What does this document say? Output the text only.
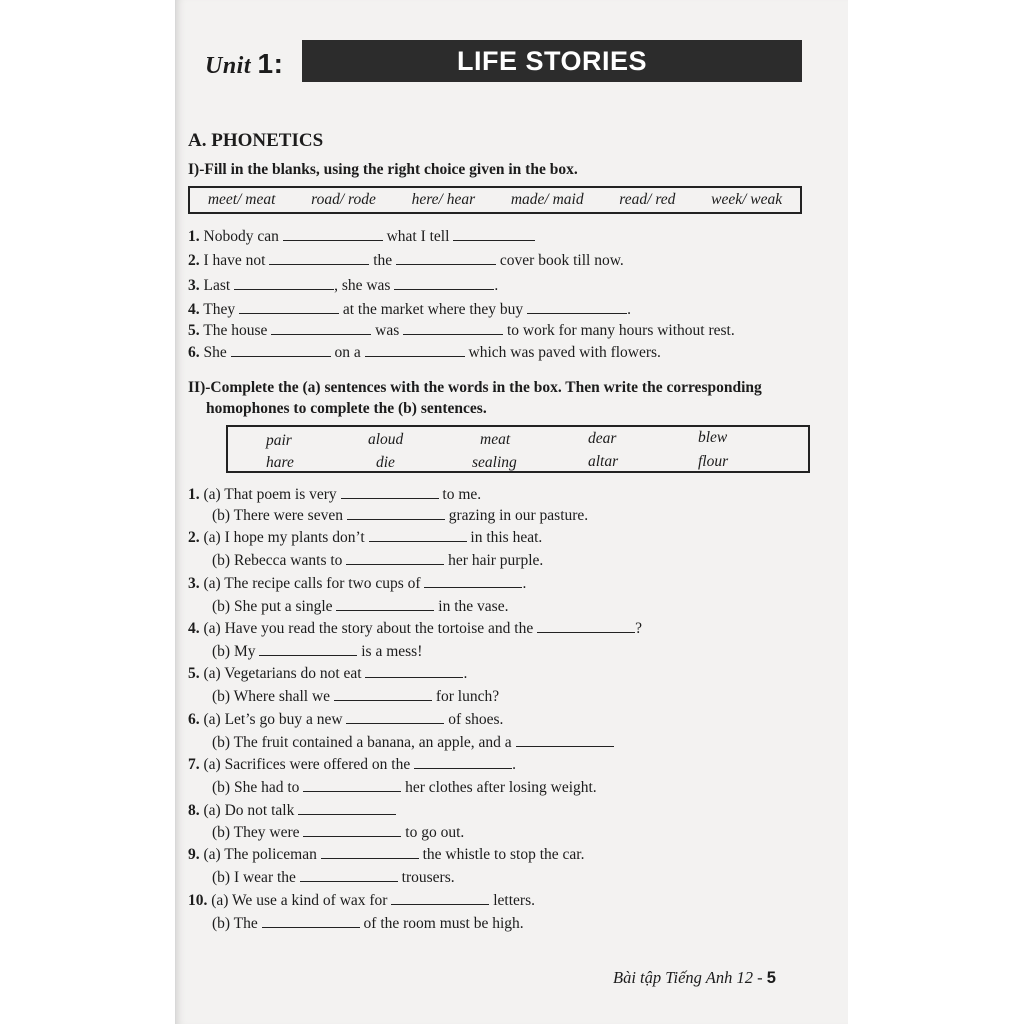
Unit 1:	LIFE STORIES
A. PHONETICS
I)-Fill in the blanks, using the right choice given in the box.
meet/ meat road/ rode here/ hear made/ maid read/ red week/ weak
1. Nobody can	what I tell
2. I have not	the	cover book till now.
3. Last	, she was	.
4. They	at the market where they buy	.
5. The house	was	to work for many hours without rest.
6. She	on a	which was paved with flowers.
II)-Complete the (a) sentences with the words in the box. Then write the corresponding
homophones to complete the (b) sentences.
pair	aloud	meat	dear	blew
hare	die	sealing	altar	flour
1. (a) That poem is very	to me.
(b) There were seven	grazing in our pasture.
2. (a) I hope my plants don’t	in this heat.
(b) Rebecca wants to	her hair purple.
3. (a) The recipe calls for two cups of	.
(b) She put a single	in the vase.
4. (a) Have you read the story about the tortoise and the	?
(b) My	is a mess!
5. (a) Vegetarians do not eat	.
(b) Where shall we	for lunch?
6. (a) Let’s go buy a new	of shoes.
(b) The fruit contained a banana, an apple, and a
7. (a) Sacrifices were offered on the	.
(b) She had to	her clothes after losing weight.
8. (a) Do not talk
(b) They were	to go out.
9. (a) The policeman	the whistle to stop the car.
(b) I wear the	trousers.
10. (a) We use a kind of wax for	letters.
(b) The	of the room must be high.
Bài tập Tiếng Anh 12 - 5
